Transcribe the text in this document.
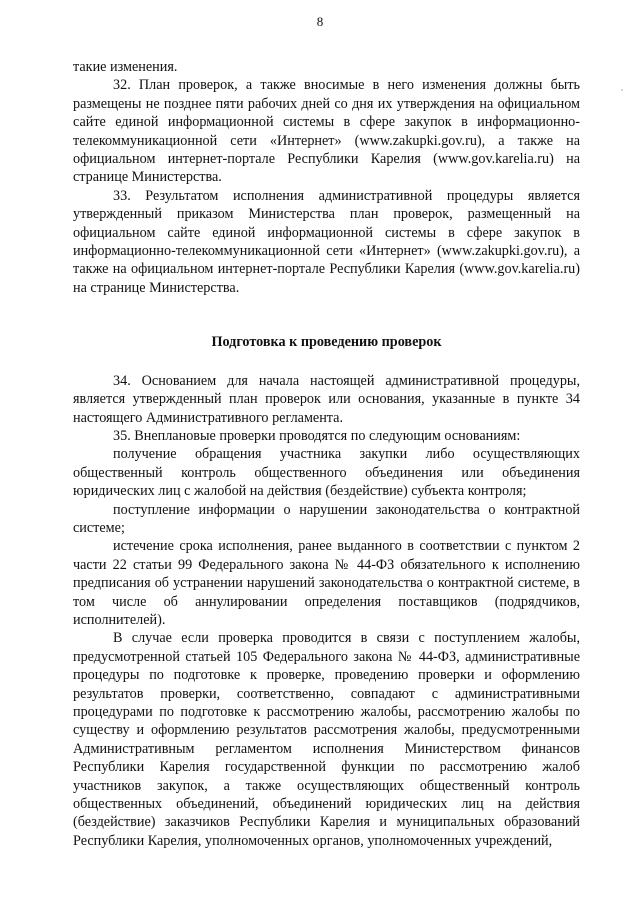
8
˙

такие изменения.

32. План проверок, а также вносимые в него изменения должны быть размещены не позднее пяти рабочих дней со дня их утверждения на официальном сайте единой информационной системы в сфере закупок в информационно-телекоммуникационной сети «Интернет» (www.zakupki.gov.ru), а также на официальном интернет-портале Республики Карелия (www.gov.karelia.ru) на странице Министерства.

33. Результатом исполнения административной процедуры является утвержденный приказом Министерства план проверок, размещенный на официальном сайте единой информационной системы в сфере закупок в информационно-телекоммуникационной сети «Интернет» (www.zakupki.gov.ru), а также на официальном интернет-портале Республики Карелия (www.gov.karelia.ru) на странице Министерства.

Подготовка к проведению проверок

34. Основанием для начала настоящей административной процедуры, является утвержденный план проверок или основания, указанные в пункте 34 настоящего Административного регламента.

35. Внеплановые проверки проводятся по следующим основаниям:

получение обращения участника закупки либо осуществляющих общественный контроль общественного объединения или объединения юридических лиц с жалобой на действия (бездействие) субъекта контроля;

поступление информации о нарушении законодательства о контрактной системе;

истечение срока исполнения, ранее выданного в соответствии с пунктом 2 части 22 статьи 99 Федерального закона № 44-ФЗ обязательного к исполнению предписания об устранении нарушений законодательства о контрактной системе, в том числе об аннулировании определения поставщиков (подрядчиков, исполнителей).

В случае если проверка проводится в связи с поступлением жалобы, предусмотренной статьей 105 Федерального закона № 44-ФЗ, административные процедуры по подготовке к проверке, проведению проверки и оформлению результатов проверки, соответственно, совпадают с административными процедурами по подготовке к рассмотрению жалобы, рассмотрению жалобы по существу и оформлению результатов рассмотрения жалобы, предусмотренными Административным регламентом исполнения Министерством финансов Республики Карелия государственной функции по рассмотрению жалоб участников закупок, а также осуществляющих общественный контроль общественных объединений, объединений юридических лиц на действия (бездействие) заказчиков Республики Карелия и муниципальных образований Республики Карелия, уполномоченных органов, уполномоченных учреждений,
